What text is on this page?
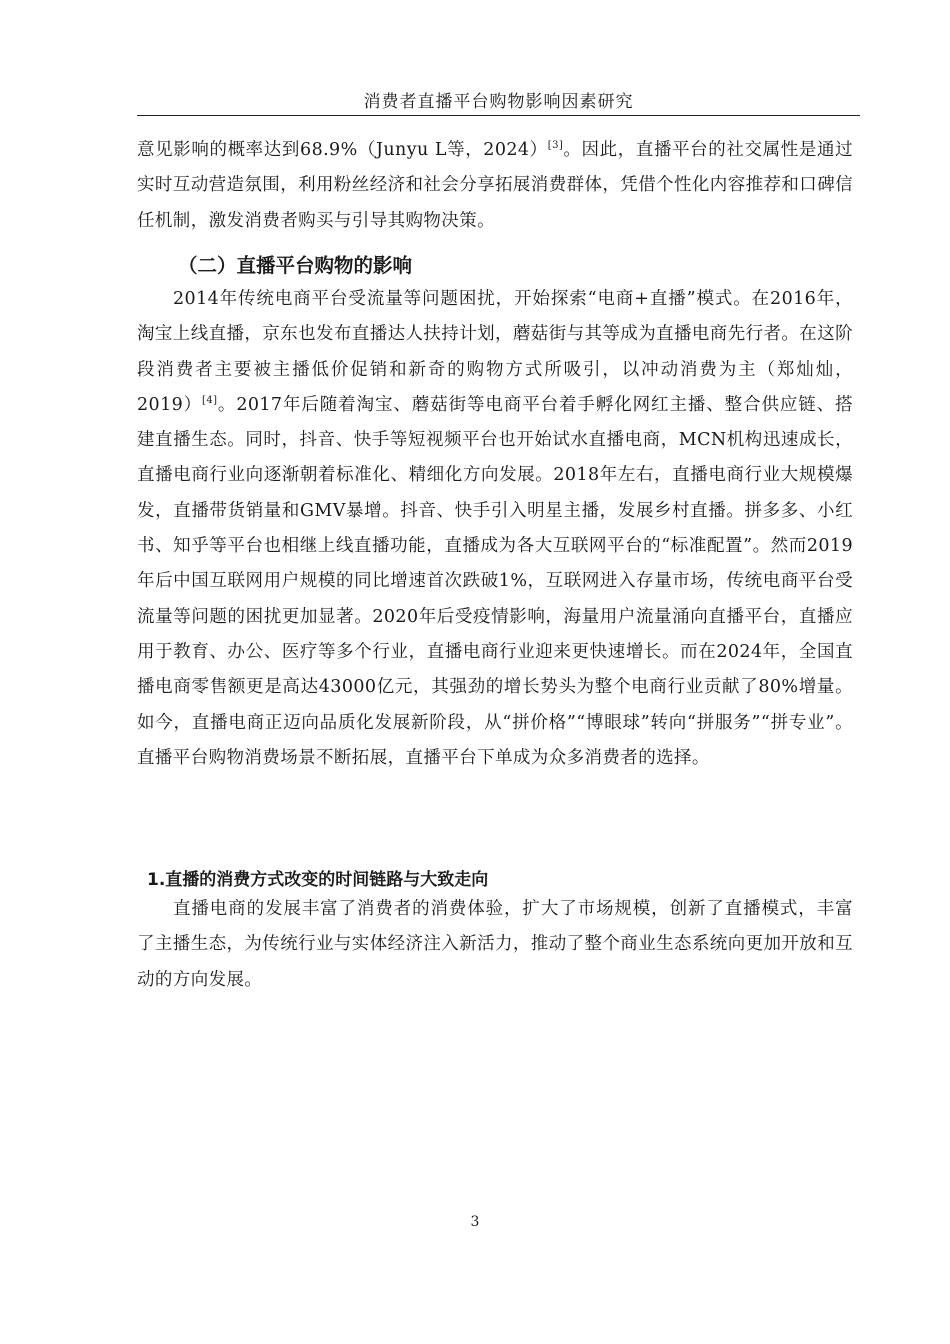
消费者直播平台购物影响因素研究

意见影响的概率达到68.9%（Junyu L等，2024）[3]。因此，直播平台的社交属性是通过实时互动营造氛围，利用粉丝经济和社会分享拓展消费群体，凭借个性化内容推荐和口碑信任机制，激发消费者购买与引导其购物决策。

（二）直播平台购物的影响

2014年传统电商平台受流量等问题困扰，开始探索“电商+直播”模式。在2016年，淘宝上线直播，京东也发布直播达人扶持计划，蘑菇街与其等成为直播电商先行者。在这阶段消费者主要被主播低价促销和新奇的购物方式所吸引，以冲动消费为主（郑灿灿，2019）[4]。2017年后随着淘宝、蘑菇街等电商平台着手孵化网红主播、整合供应链、搭建直播生态。同时，抖音、快手等短视频平台也开始试水直播电商，MCN机构迅速成长，直播电商行业向逐渐朝着标准化、精细化方向发展。2018年左右，直播电商行业大规模爆发，直播带货销量和GMV暴增。抖音、快手引入明星主播，发展乡村直播。拼多多、小红书、知乎等平台也相继上线直播功能，直播成为各大互联网平台的“标准配置”。然而2019年后中国互联网用户规模的同比增速首次跌破1%，互联网进入存量市场，传统电商平台受流量等问题的困扰更加显著。2020年后受疫情影响，海量用户流量涌向直播平台，直播应用于教育、办公、医疗等多个行业，直播电商行业迎来更快速增长。而在2024年，全国直播电商零售额更是高达43000亿元，其强劲的增长势头为整个电商行业贡献了80%增量。如今，直播电商正迈向品质化发展新阶段，从“拼价格”“博眼球”转向“拼服务”“拼专业”。直播平台购物消费场景不断拓展，直播平台下单成为众多消费者的选择。

1.直播的消费方式改变的时间链路与大致走向

直播电商的发展丰富了消费者的消费体验，扩大了市场规模，创新了直播模式，丰富了主播生态，为传统行业与实体经济注入新活力，推动了整个商业生态系统向更加开放和互动的方向发展。

3
